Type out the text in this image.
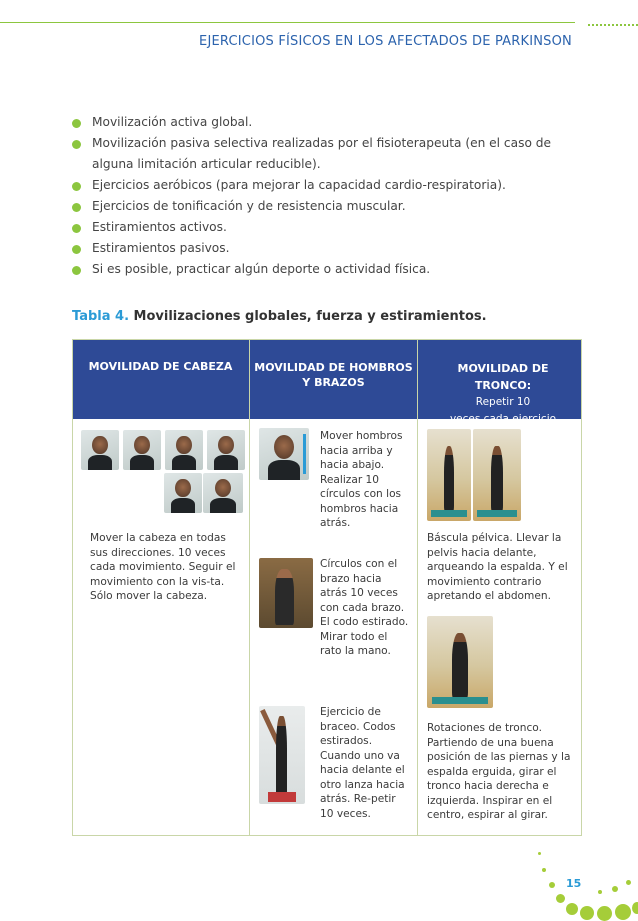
EJERCICIOS FÍSICOS EN LOS AFECTADOS DE PARKINSON
Movilización activa global.
Movilización pasiva selectiva realizadas por el fisioterapeuta (en el caso de alguna limitación articular reducible).
Ejercicios aeróbicos (para mejorar la capacidad cardio-respiratoria).
Ejercicios de tonificación y de resistencia muscular.
Estiramientos activos.
Estiramientos pasivos.
Si es posible, practicar algún deporte o actividad física.
Tabla 4. Movilizaciones globales, fuerza y estiramientos.
MOVILIDAD DE CABEZA	MOVILIDAD DE HOMBROS
Y BRAZOS
MOVILIDAD DE
TRONCO:
Repetir 10
veces cada ejercicio
Mover la cabeza en todas sus direcciones. 10 veces cada movimiento. Seguir el movimiento con la vis-ta. Sólo mover la cabeza.
Mover hombros hacia arriba y hacia abajo. Realizar 10 círculos con los hombros hacia atrás.
Círculos con el brazo hacia atrás 10 veces con cada brazo. El codo estirado. Mirar todo el rato la mano.
Ejercicio de braceo. Codos estirados. Cuando uno va hacia delante el otro lanza hacia atrás. Re-petir 10 veces.
Báscula pélvica. Llevar la pelvis hacia delante, arqueando la espalda. Y el movimiento contrario apretando el abdomen.
Rotaciones de tronco. Partiendo de una buena posición de las piernas y la espalda erguida, girar el tronco hacia derecha e izquierda. Inspirar en el centro, espirar al girar.
15
